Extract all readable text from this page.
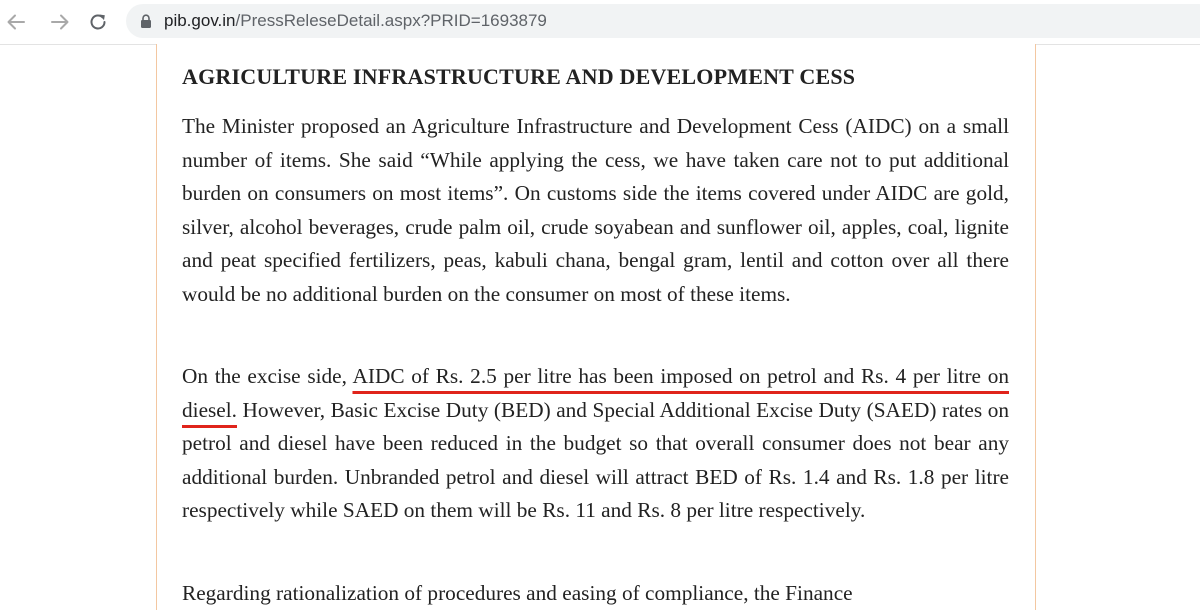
pib.gov.in/PressReleseDetail.aspx?PRID=1693879
AGRICULTURE INFRASTRUCTURE AND DEVELOPMENT CESS

The Minister proposed an Agriculture Infrastructure and Development Cess (AIDC) on a small number of items. She said “While applying the cess, we have taken care not to put additional burden on consumers on most items”. On customs side the items covered under AIDC are gold, silver, alcohol beverages, crude palm oil, crude soyabean and sunflower oil, apples, coal, lignite and peat specified fertilizers, peas, kabuli chana, bengal gram, lentil and cotton over all there would be no additional burden on the consumer on most of these items.

On the excise side, AIDC of Rs. 2.5 per litre has been imposed on petrol and Rs. 4 per litre on diesel. However, Basic Excise Duty (BED) and Special Additional Excise Duty (SAED) rates on petrol and diesel have been reduced in the budget so that overall consumer does not bear any additional burden. Unbranded petrol and diesel will attract BED of Rs. 1.4 and Rs. 1.8 per litre respectively while SAED on them will be Rs. 11 and Rs. 8 per litre respectively.

Regarding rationalization of procedures and easing of compliance, the Finance
